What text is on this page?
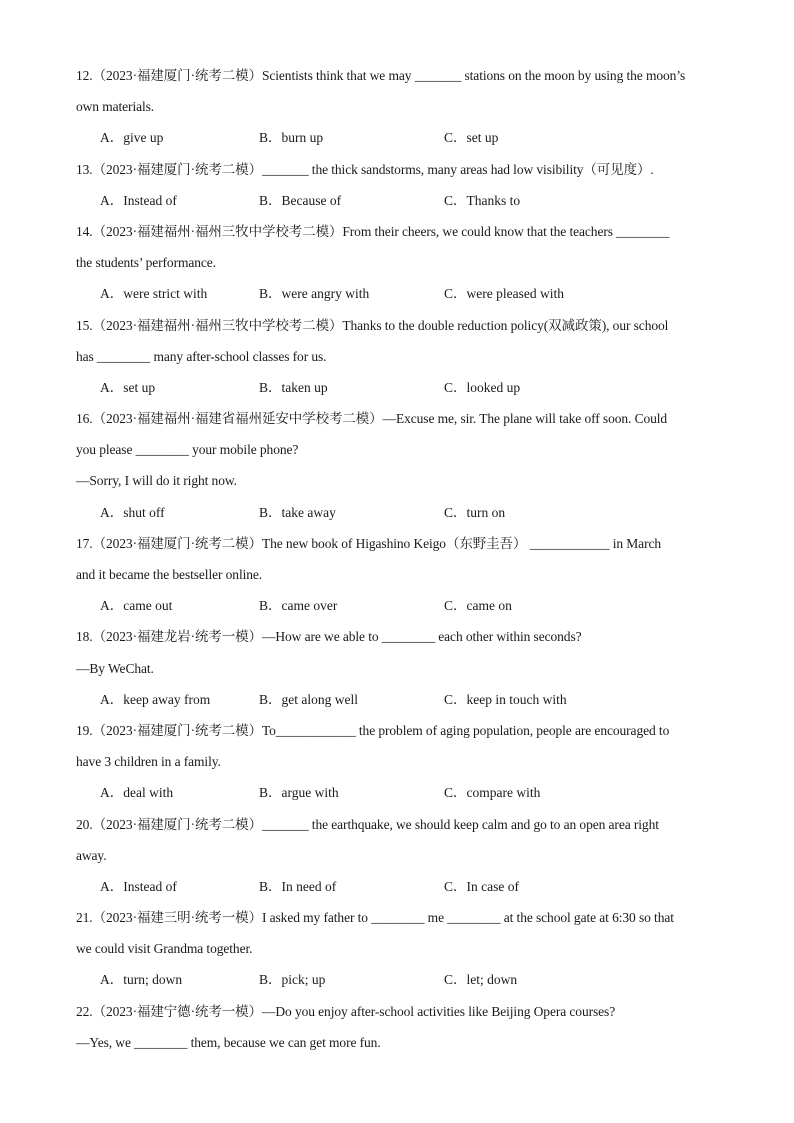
12.（2023·福建厦门·统考二模）Scientists think that we may _______ stations on the moon by using the moon’s
own materials.
A．give up	B．burn up	C．set up
13.（2023·福建厦门·统考二模）_______ the thick sandstorms, many areas had low visibility（可见度）.
A．Instead of	B．Because of	C．Thanks to
14.（2023·福建福州·福州三牧中学校考二模）From their cheers, we could know that the teachers ________
the students’ performance.
A．were strict with	B．were angry with	C．were pleased with
15.（2023·福建福州·福州三牧中学校考二模）Thanks to the double reduction policy(双减政策), our school
has ________ many after-school classes for us.
A．set up	B．taken up	C．looked up
16.（2023·福建福州·福建省福州延安中学校考二模）—Excuse me, sir. The plane will take off soon. Could
you please ________ your mobile phone?
—Sorry, I will do it right now.
A．shut off	B．take away	C．turn on
17.（2023·福建厦门·统考二模）The new book of Higashino Keigo（东野圭吾） ____________ in March
and it became the bestseller online.
A．came out	B．came over	C．came on
18.（2023·福建龙岩·统考一模）—How are we able to ________ each other within seconds?
—By WeChat.
A．keep away from	B．get along well	C．keep in touch with
19.（2023·福建厦门·统考二模）To____________ the problem of aging population, people are encouraged to
have 3 children in a family.
A．deal with	B．argue with	C．compare with
20.（2023·福建厦门·统考二模）_______ the earthquake, we should keep calm and go to an open area right
away.
A．Instead of	B．In need of	C．In case of
21.（2023·福建三明·统考一模）I asked my father to ________ me ________ at the school gate at 6:30 so that
we could visit Grandma together.
A．turn; down	B．pick; up	C．let; down
22.（2023·福建宁德·统考一模）—Do you enjoy after-school activities like Beijing Opera courses?
—Yes, we ________ them, because we can get more fun.
